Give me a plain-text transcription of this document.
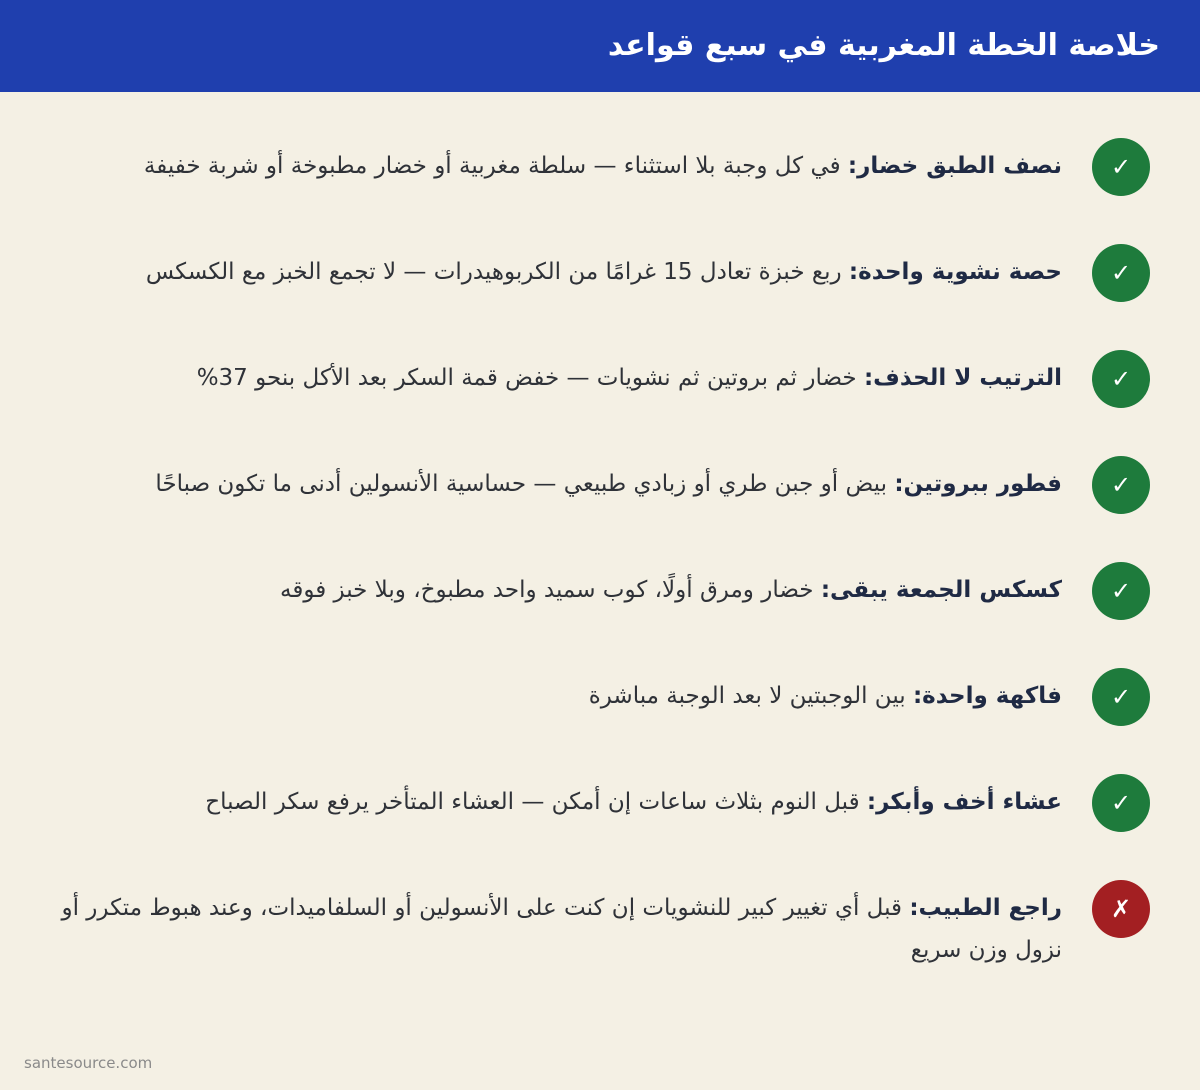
خلاصة الخطة المغربية في سبع قواعد
✓

نصف الطبق خضار: في كل وجبة بلا استثناء — سلطة مغربية أو خضار مطبوخة أو شربة خفيفة

✓

حصة نشوية واحدة: ربع خبزة تعادل 15 غرامًا من الكربوهيدرات — لا تجمع الخبز مع الكسكس

✓

الترتيب لا الحذف: خضار ثم بروتين ثم نشويات — خفض قمة السكر بعد الأكل بنحو 37%

✓

فطور ببروتين: بيض أو جبن طري أو زبادي طبيعي — حساسية الأنسولين أدنى ما تكون صباحًا

✓

كسكس الجمعة يبقى: خضار ومرق أولًا، كوب سميد واحد مطبوخ، وبلا خبز فوقه

✓

فاكهة واحدة: بين الوجبتين لا بعد الوجبة مباشرة

✓

عشاء أخف وأبكر: قبل النوم بثلاث ساعات إن أمكن — العشاء المتأخر يرفع سكر الصباح

✗

راجع الطبيب: قبل أي تغيير كبير للنشويات إن كنت على الأنسولين أو السلفاميدات، وعند هبوط متكرر أو نزول وزن سريع

santesource.com
